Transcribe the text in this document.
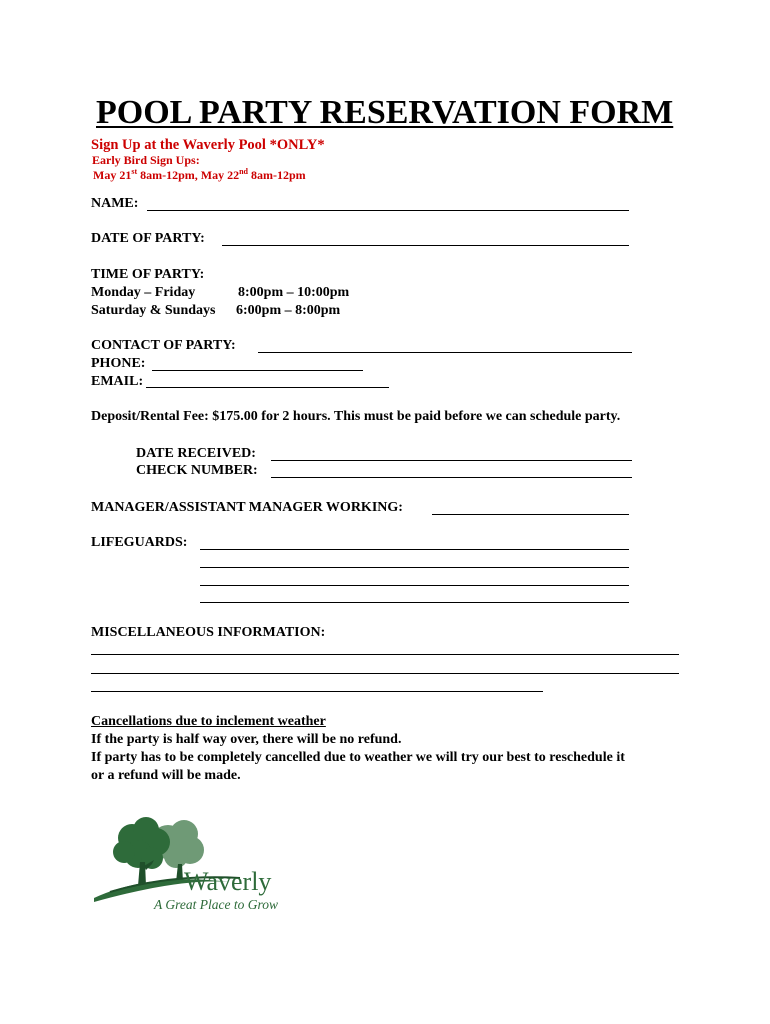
POOL PARTY RESERVATION FORM
Sign Up at the Waverly Pool *ONLY*
Early Bird Sign Ups:
May 21st 8am-12pm, May 22nd 8am-12pm
NAME:
DATE OF PARTY:
TIME OF PARTY:
Monday – Friday	8:00pm – 10:00pm
Saturday & Sundays 6:00pm – 8:00pm
CONTACT OF PARTY:
PHONE:
EMAIL:
Deposit/Rental Fee: $175.00 for 2 hours. This must be paid before we can schedule party.
DATE RECEIVED:
CHECK NUMBER:
MANAGER/ASSISTANT MANAGER WORKING:
LIFEGUARDS:
MISCELLANEOUS INFORMATION:
Cancellations due to inclement weather
If the party is half way over, there will be no refund.
If party has to be completely cancelled due to weather we will try our best to reschedule it
or a refund will be made.
Waverly
A Great Place to Grow
